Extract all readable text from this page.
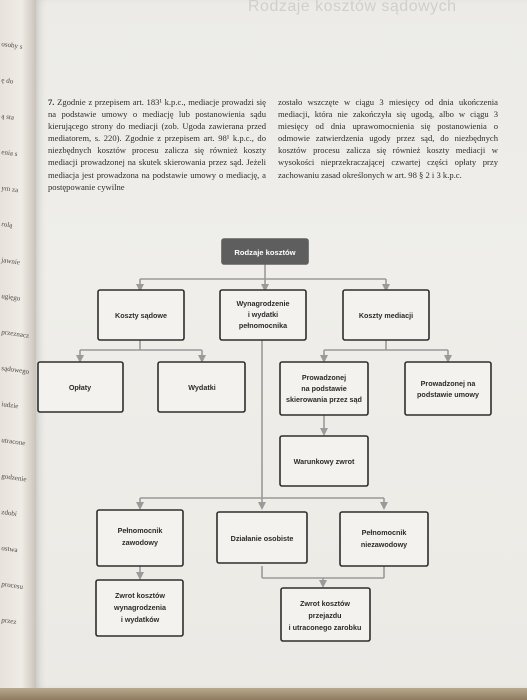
osoby s
ę do
ą sta
enia s
ym za
rolą
jawnie
ugięgo
przeznacz
sądowego
iudzie
utracone
godzenie
zdobi
ostwa
procesu
przez
Rodzaje kosztów sądowych

7. Zgodnie z przepisem art. 183¹ k.p.c., mediacje prowadzi się na podstawie umowy o mediację lub postanowienia sądu kierującego strony do mediacji (zob. Ugoda zawierana przed mediatorem, s. 220). Zgodnie z przepisem art. 98¹ k.p.c., do niezbędnych kosztów procesu zalicza się również koszty mediacji prowadzonej na skutek skierowania przez sąd. Jeżeli mediacja jest prowadzona na podstawie umowy o mediację, a postępowanie cywilne

zostało wszczęte w ciągu 3 miesięcy od dnia ukończenia mediacji, która nie zakończyła się ugodą, albo w ciągu 3 miesięcy od dnia uprawomocnienia się postanowienia o odmowie zatwierdzenia ugody przez sąd, do niezbędnych kosztów procesu zalicza się również koszty mediacji w wysokości nieprzekraczającej czwartej części opłaty przy zachowaniu zasad określonych w art. 98 § 2 i 3 k.p.c.

Rodzaje kosztów
Koszty sądowe
Wynagrodzenie
i wydatki
pełnomocnika
Koszty mediacji
Opłaty	Wydatki
Prowadzonej
na podstawie
skierowania przez sąd
Prowadzonej na
podstawie umowy
Warunkowy zwrot
Pełnomocnik
zawodowy	Działanie osobiste
Pełnomocnik
niezawodowy
Zwrot kosztów
wynagrodzenia
i wydatków
Zwrot kosztów
przejazdu
i utraconego zarobku
